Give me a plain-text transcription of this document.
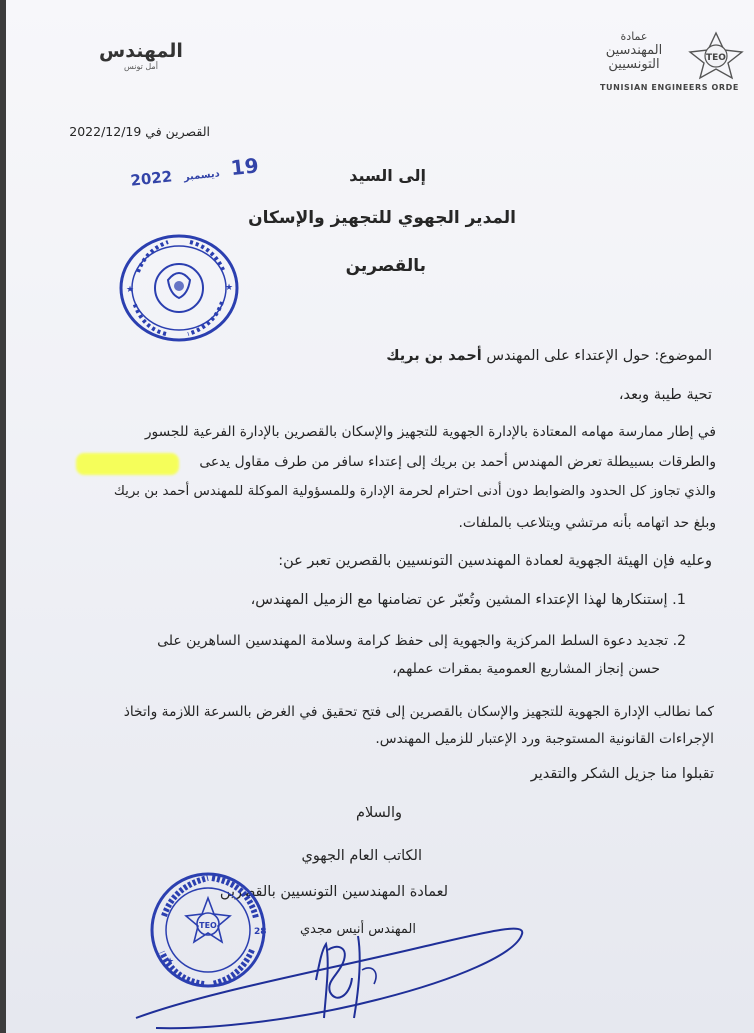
المهندس
أمل تونس
عمادة
المهندسين
التونسيين	TEO
TUNISIAN ENGINEERS ORDE
القصرين في 2022/12/19
2022 ديسمبر 19
★
★
إلى السيد
المدير الجهوي للتجهيز والإسكان
بالقصرين
الموضوع: حول الإعتداء على المهندس أحمد بن بريك
تحية طيبة وبعد،
في إطار ممارسة مهامه المعتادة بالإدارة الجهوية للتجهيز والإسكان بالقصرين بالإدارة الفرعية للجسور
والطرقات بسبيطلة تعرض المهندس أحمد بن بريك إلى إعتداء سافر من طرف مقاول يدعى
والذي تجاوز كل الحدود والضوابط دون أدنى احترام لحرمة الإدارة وللمسؤولية الموكلة للمهندس أحمد بن بريك
وبلغ حد اتهامه بأنه مرتشي ويتلاعب بالملفات.
وعليه فإن الهيئة الجهوية لعمادة المهندسين التونسيين بالقصرين تعبر عن:
1. إستنكارها لهذا الإعتداء المشين وتُعبّر عن تضامنها مع الزميل المهندس،
2. تجديد دعوة السلط المركزية والجهوية إلى حفظ كرامة وسلامة المهندسين الساهرين على
حسن إنجاز المشاريع العمومية بمقرات عملهم،
كما نطالب الإدارة الجهوية للتجهيز والإسكان بالقصرين إلى فتح تحقيق في الغرض بالسرعة اللازمة واتخاذ
الإجراءات القانونية المستوجبة ورد الإعتبار للزميل المهندس.
تقبلوا منا جزيل الشكر والتقدير
والسلام
الكاتب العام الجهوي
لعمادة المهندسين التونسيين بالقصرين
المهندس أنيس مجدي
TEO
28
★
